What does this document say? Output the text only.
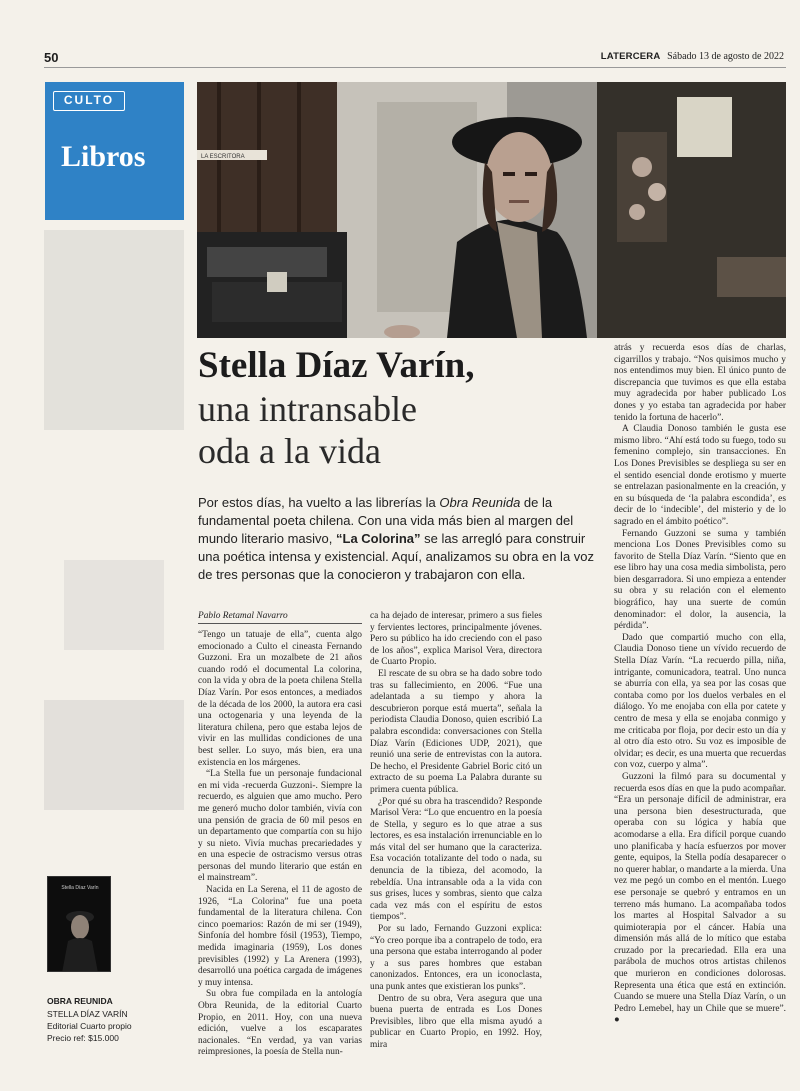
50	LATERCERA Sábado 13 de agosto de 2022
CULTO
Libros	LA ESCRITORA
Stella Díaz Varín,
una intransable
oda a la vida
Por estos días, ha vuelto a las librerías la Obra Reunida de la fundamental poeta chilena. Con una vida más bien al margen del mundo literario masivo, “La Colorina” se las arregló para construir una poética intensa y existencial. Aquí, analizamos su obra en la voz de tres personas que la conocieron y trabajaron con ella.
Pablo Retamal Navarro

“Tengo un tatuaje de ella”, cuenta algo emocionado a Culto el cineasta Fernando Guzzoni. Era un mozalbete de 21 años cuando rodó el documental La colorina, con la vida y obra de la poeta chilena Stella Díaz Varín. Por esos entonces, a mediados de la década de los 2000, la autora era casi una octogenaria y una leyenda de la literatura chilena, pero que estaba lejos de vivir en las mullidas condiciones de una best seller. Lo suyo, más bien, era una existencia en los márgenes.

“La Stella fue un personaje fundacional en mi vida -recuerda Guzzoni-. Siempre la recuerdo, es alguien que amo mucho. Pero me generó mucho dolor también, vivía con una pensión de gracia de 60 mil pesos en un departamento que compartía con su hijo y su nieto. Vivía muchas precariedades y en una especie de ostracismo versus otras personas del mundo literario que están en el mainstream”.

Nacida en La Serena, el 11 de agosto de 1926, “La Colorina” fue una poeta fundamental de la literatura chilena. Con cinco poemarios: Razón de mi ser (1949), Sinfonía del hombre fósil (1953), Tiempo, medida imaginaria (1959), Los dones previsibles (1992) y La Arenera (1993), desarrolló una poética cargada de imágenes y muy intensa.

Su obra fue compilada en la antología Obra Reunida, de la editorial Cuarto Propio, en 2011. Hoy, con una nueva edición, vuelve a los escaparates nacionales. “En verdad, ya van varias reimpresiones, la poesía de Stella nun-

ca ha dejado de interesar, primero a sus fieles y fervientes lectores, principalmente jóvenes. Pero su público ha ido creciendo con el paso de los años”, explica Marisol Vera, directora de Cuarto Propio.

El rescate de su obra se ha dado sobre todo tras su fallecimiento, en 2006. “Fue una adelantada a su tiempo y ahora la descubrieron porque está muerta”, señala la periodista Claudia Donoso, quien escribió La palabra escondida: conversaciones con Stella Díaz Varín (Ediciones UDP, 2021), que reunió una serie de entrevistas con la autora. De hecho, el Presidente Gabriel Boric citó un extracto de su poema La Palabra durante su primera cuenta pública.

¿Por qué su obra ha trascendido? Responde Marisol Vera: “Lo que encuentro en la poesía de Stella, y seguro es lo que atrae a sus lectores, es esa instalación irrenunciable en lo más vital del ser humano que la caracteriza. Esa vocación totalizante del todo o nada, su denuncia de la tibieza, del acomodo, la rebeldía. Una intransable oda a la vida con sus grises, luces y sombras, siento que calza cada vez más con el espíritu de estos tiempos”.

Por su lado, Fernando Guzzoni explica: “Yo creo porque iba a contrapelo de todo, era una persona que estaba interrogando al poder y a sus pares hombres que estaban canonizados. Entonces, era un iconoclasta, una punk antes que existieran los punks”.

Dentro de su obra, Vera asegura que una buena puerta de entrada es Los Dones Previsibles, libro que ella misma ayudó a publicar en Cuarto Propio, en 1992. Hoy, mira

atrás y recuerda esos días de charlas, cigarrillos y trabajo. “Nos quisimos mucho y nos entendimos muy bien. El único punto de discrepancia que tuvimos es que ella estaba muy agradecida por haber publicado Los dones y yo estaba tan agradecida por haber tenido la fortuna de hacerlo”.

A Claudia Donoso también le gusta ese mismo libro. “Ahí está todo su fuego, todo su femenino complejo, sin transacciones. En Los Dones Previsibles se despliega su ser en el sentido esencial donde erotismo y muerte se entrelazan pasionalmente en la creación, y en su búsqueda de ‘la palabra escondida’, es decir de lo ‘indecible’, del misterio y de lo sagrado en el ámbito poético”.

Fernando Guzzoni se suma y también menciona Los Dones Previsibles como su favorito de Stella Díaz Varín. “Siento que en ese libro hay una cosa media simbolista, pero bien desgarradora. Si uno empieza a entender su obra y su relación con el elemento biográfico, hay una suerte de común denominador: el dolor, la ausencia, la pérdida”.

Dado que compartió mucho con ella, Claudia Donoso tiene un vívido recuerdo de Stella Díaz Varín. “La recuerdo pilla, niña, intrigante, comunicadora, teatral. Uno nunca se aburría con ella, ya sea por las cosas que contaba como por los duelos verbales en el diálogo. Yo me enojaba con ella por catete y centro de mesa y ella se enojaba conmigo y me criticaba por floja, por decir esto un día y al otro día esto otro. Su voz es imposible de olvidar; es decir, es una muerta que recuerdas con voz, cuerpo y alma”.

Guzzoni la filmó para su documental y recuerda esos días en que la pudo acompañar. “Era un personaje difícil de administrar, era una persona bien desestructurada, que operaba con su lógica y había que acomodarse a ella. Era difícil porque cuando uno planificaba y hacía esfuerzos por mover gente, equipos, la Stella podía desaparecer o no querer hablar, o mandarte a la mierda. Una vez me pegó un combo en el mentón. Luego ese personaje se quebró y entramos en un terreno más humano. La acompañaba todos los martes al Hospital Salvador a su quimioterapia por el cáncer. Había una dimensión más allá de lo mítico que estaba cruzado por la precariedad. Ella era una parábola de muchos otros artistas chilenos que murieron en condiciones dolorosas. Representa una ética que está en extinción. Cuando se muere una Stella Díaz Varín, o un Pedro Lemebel, hay un Chile que se muere”. ●

Stella Díaz Varín
OBRA REUNIDA
STELLA DÍAZ VARÍN
Editorial Cuarto propio
Precio ref: $15.000
